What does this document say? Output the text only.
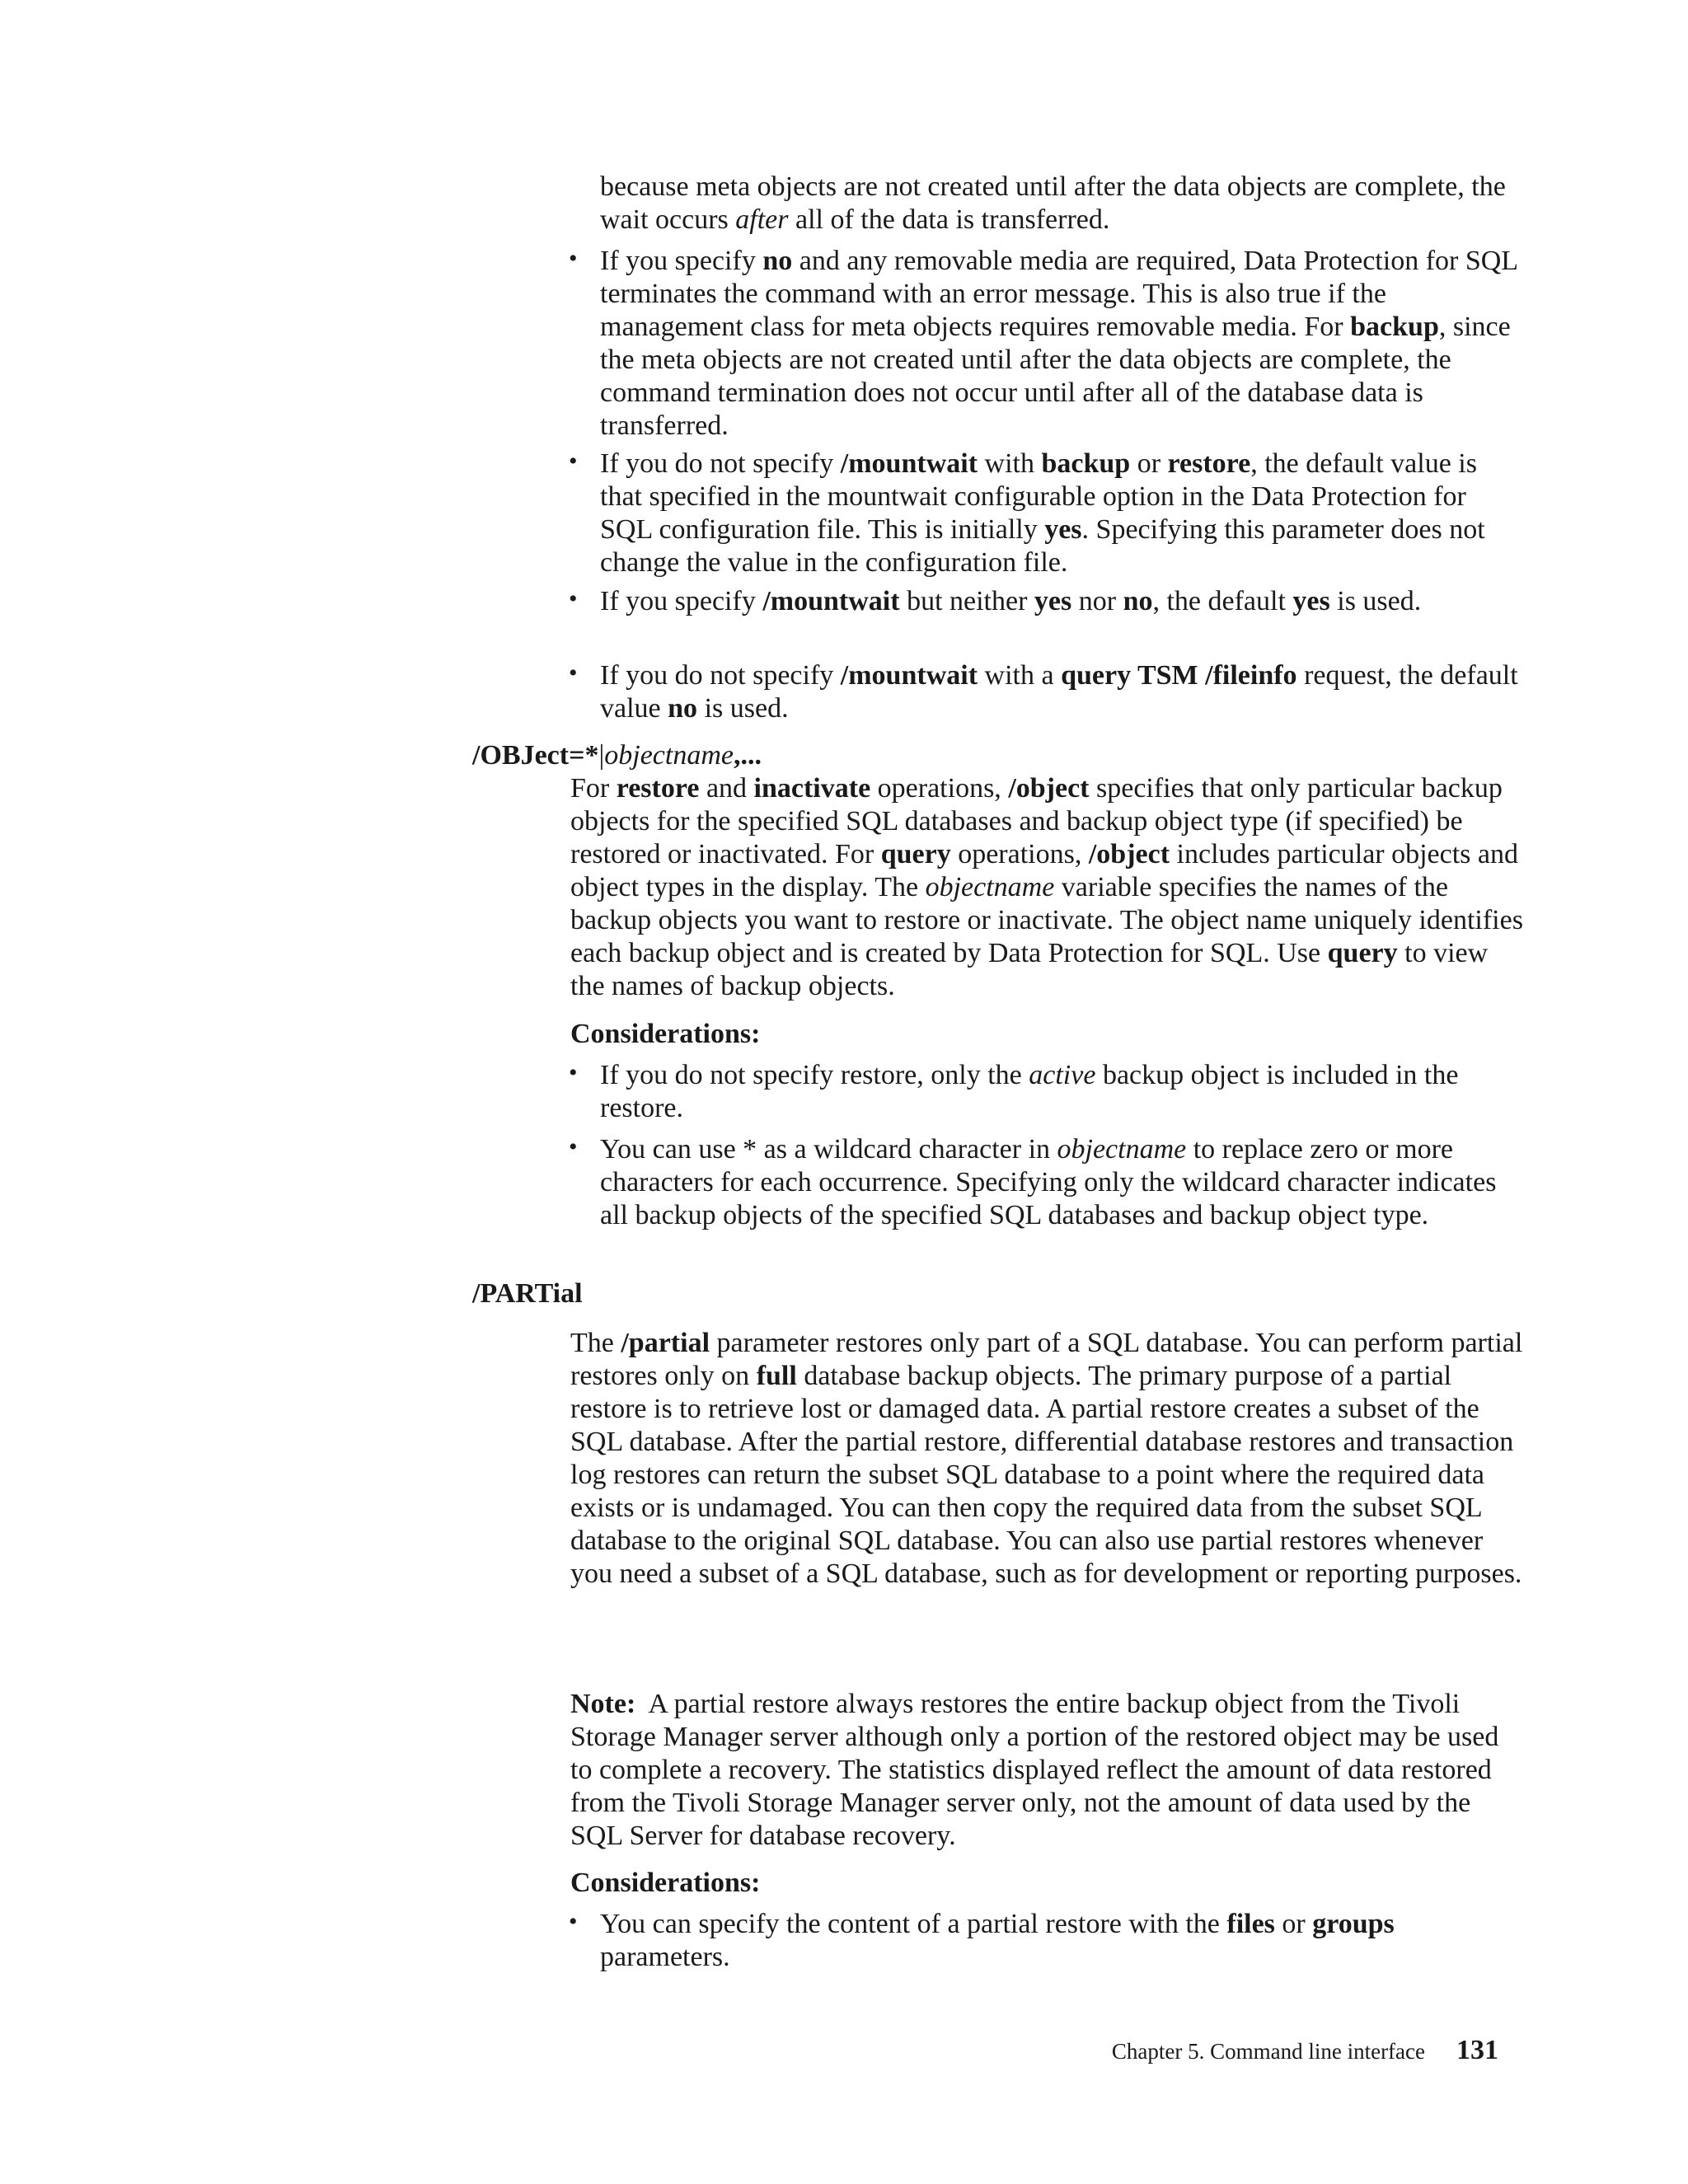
because meta objects are not created until after the data objects are complete, the wait occurs after all of the data is transferred.

• If you specify no and any removable media are required, Data Protection for SQL terminates the command with an error message. This is also true if the management class for meta objects requires removable media. For backup, since the meta objects are not created until after the data objects are complete, the command termination does not occur until after all of the database data is transferred.

• If you do not specify /mountwait with backup or restore, the default value is that specified in the mountwait configurable option in the Data Protection for SQL configuration file. This is initially yes. Specifying this parameter does not change the value in the configuration file.

• If you specify /mountwait but neither yes nor no, the default yes is used.

• If you do not specify /mountwait with a query TSM /fileinfo request, the default value no is used.

/OBJect=*|objectname,...

For restore and inactivate operations, /object specifies that only particular backup objects for the specified SQL databases and backup object type (if specified) be restored or inactivated. For query operations, /object includes particular objects and object types in the display. The objectname variable specifies the names of the backup objects you want to restore or inactivate. The object name uniquely identifies each backup object and is created by Data Protection for SQL. Use query to view the names of backup objects.

Considerations:
• If you do not specify restore, only the active backup object is included in the restore.

• You can use * as a wildcard character in objectname to replace zero or more characters for each occurrence. Specifying only the wildcard character indicates all backup objects of the specified SQL databases and backup object type.

/PARTial

The /partial parameter restores only part of a SQL database. You can perform partial restores only on full database backup objects. The primary purpose of a partial restore is to retrieve lost or damaged data. A partial restore creates a subset of the SQL database. After the partial restore, differential database restores and transaction log restores can return the subset SQL database to a point where the required data exists or is undamaged. You can then copy the required data from the subset SQL database to the original SQL database. You can also use partial restores whenever you need a subset of a SQL database, such as for development or reporting purposes.

Note: A partial restore always restores the entire backup object from the Tivoli Storage Manager server although only a portion of the restored object may be used to complete a recovery. The statistics displayed reflect the amount of data restored from the Tivoli Storage Manager server only, not the amount of data used by the SQL Server for database recovery.

Considerations:
• You can specify the content of a partial restore with the files or groups parameters.

Chapter 5. Command line interface 131
